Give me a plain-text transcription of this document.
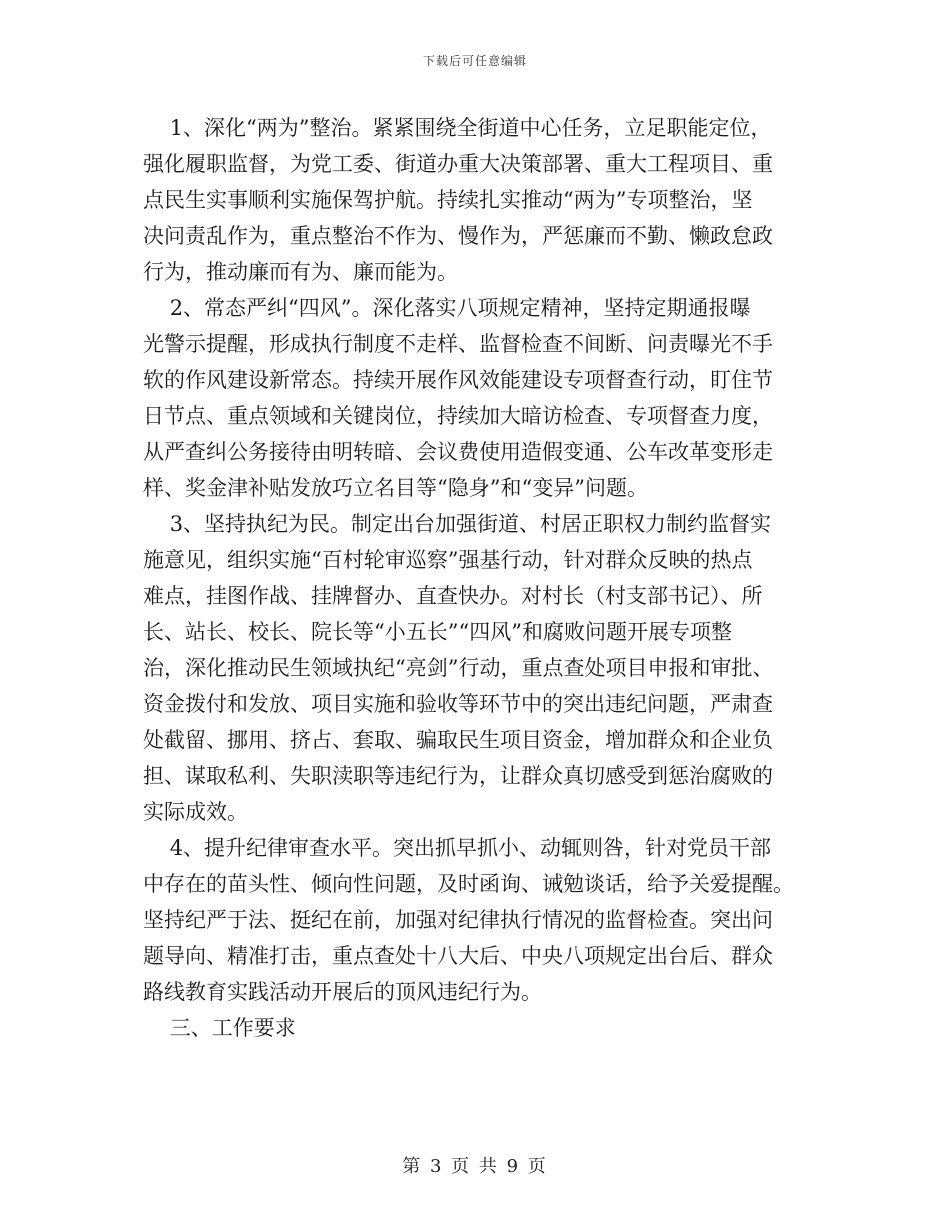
下载后可任意编辑
1、深化“两为”整治。紧紧围绕全街道中心任务，立足职能定位，
强化履职监督，为党工委、街道办重大决策部署、重大工程项目、重
点民生实事顺利实施保驾护航。持续扎实推动“两为”专项整治，坚
决问责乱作为，重点整治不作为、慢作为，严惩廉而不勤、懒政怠政
行为，推动廉而有为、廉而能为。
2、常态严纠“四风”。深化落实八项规定精神，坚持定期通报曝
光警示提醒，形成执行制度不走样、监督检查不间断、问责曝光不手
软的作风建设新常态。持续开展作风效能建设专项督查行动，盯住节
日节点、重点领域和关键岗位，持续加大暗访检查、专项督查力度，
从严查纠公务接待由明转暗、会议费使用造假变通、公车改革变形走
样、奖金津补贴发放巧立名目等“隐身”和“变异”问题。
3、坚持执纪为民。制定出台加强街道、村居正职权力制约监督实
施意见，组织实施“百村轮审巡察”强基行动，针对群众反映的热点
难点，挂图作战、挂牌督办、直查快办。对村长（村支部书记）、所
长、站长、校长、院长等“小五长”“四风”和腐败问题开展专项整
治，深化推动民生领域执纪“亮剑”行动，重点查处项目申报和审批、
资金拨付和发放、项目实施和验收等环节中的突出违纪问题，严肃查
处截留、挪用、挤占、套取、骗取民生项目资金，增加群众和企业负
担、谋取私利、失职渎职等违纪行为，让群众真切感受到惩治腐败的
实际成效。
4、提升纪律审查水平。突出抓早抓小、动辄则咎，针对党员干部
中存在的苗头性、倾向性问题，及时函询、诫勉谈话，给予关爱提醒。
坚持纪严于法、挺纪在前，加强对纪律执行情况的监督检查。突出问
题导向、精准打击，重点查处十八大后、中央八项规定出台后、群众
路线教育实践活动开展后的顶风违纪行为。
三、工作要求
第 3 页 共 9 页
